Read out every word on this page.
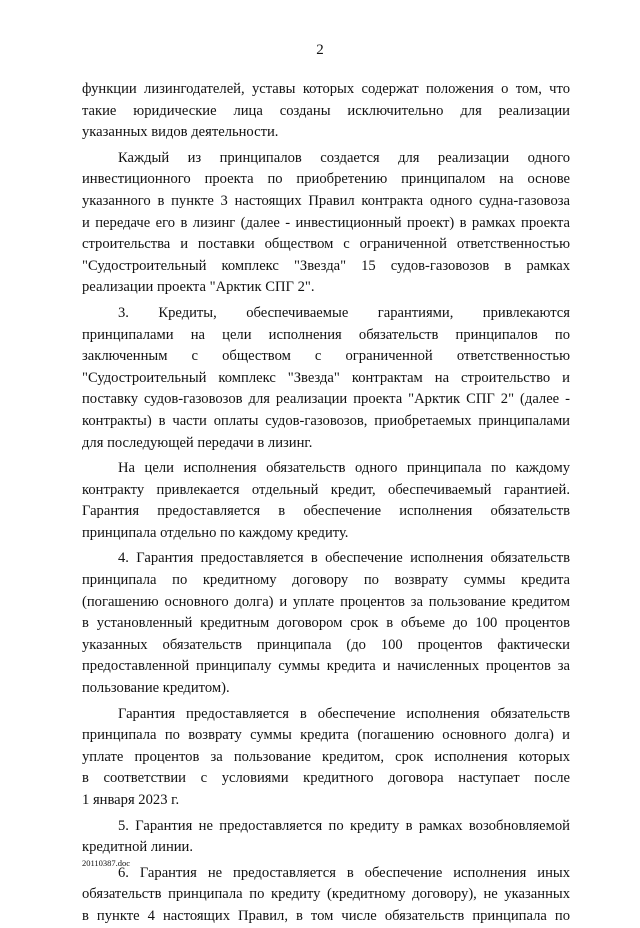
2
функции лизингодателей, уставы которых содержат положения о том, что
такие юридические лица созданы исключительно для реализации
указанных видов деятельности.
Каждый из принципалов создается для реализации одного
инвестиционного проекта по приобретению принципалом на основе
указанного в пункте 3 настоящих Правил контракта одного судна-газовоза
и передаче его в лизинг (далее - инвестиционный проект) в рамках проекта
строительства и поставки обществом с ограниченной ответственностью
"Судостроительный комплекс "Звезда" 15 судов-газовозов в рамках
реализации проекта "Арктик СПГ 2".
3. Кредиты, обеспечиваемые гарантиями, привлекаются
принципалами на цели исполнения обязательств принципалов по
заключенным с обществом с ограниченной ответственностью
"Судостроительный комплекс "Звезда" контрактам на строительство и
поставку судов-газовозов для реализации проекта "Арктик СПГ 2" (далее -
контракты) в части оплаты судов-газовозов, приобретаемых принципалами
для последующей передачи в лизинг.
На цели исполнения обязательств одного принципала по каждому
контракту привлекается отдельный кредит, обеспечиваемый гарантией.
Гарантия предоставляется в обеспечение исполнения обязательств
принципала отдельно по каждому кредиту.
4. Гарантия предоставляется в обеспечение исполнения обязательств
принципала по кредитному договору по возврату суммы кредита
(погашению основного долга) и уплате процентов за пользование кредитом
в установленный кредитным договором срок в объеме до 100 процентов
указанных обязательств принципала (до 100 процентов фактически
предоставленной принципалу суммы кредита и начисленных процентов за
пользование кредитом).
Гарантия предоставляется в обеспечение исполнения обязательств
принципала по возврату суммы кредита (погашению основного долга) и
уплате процентов за пользование кредитом, срок исполнения которых
в соответствии с условиями кредитного договора наступает после
1 января 2023 г.
5. Гарантия не предоставляется по кредиту в рамках возобновляемой
кредитной линии.
6. Гарантия не предоставляется в обеспечение исполнения иных
обязательств принципала по кредиту (кредитному договору), не указанных
в пункте 4 настоящих Правил, в том числе обязательств принципала по
20110387.doc
